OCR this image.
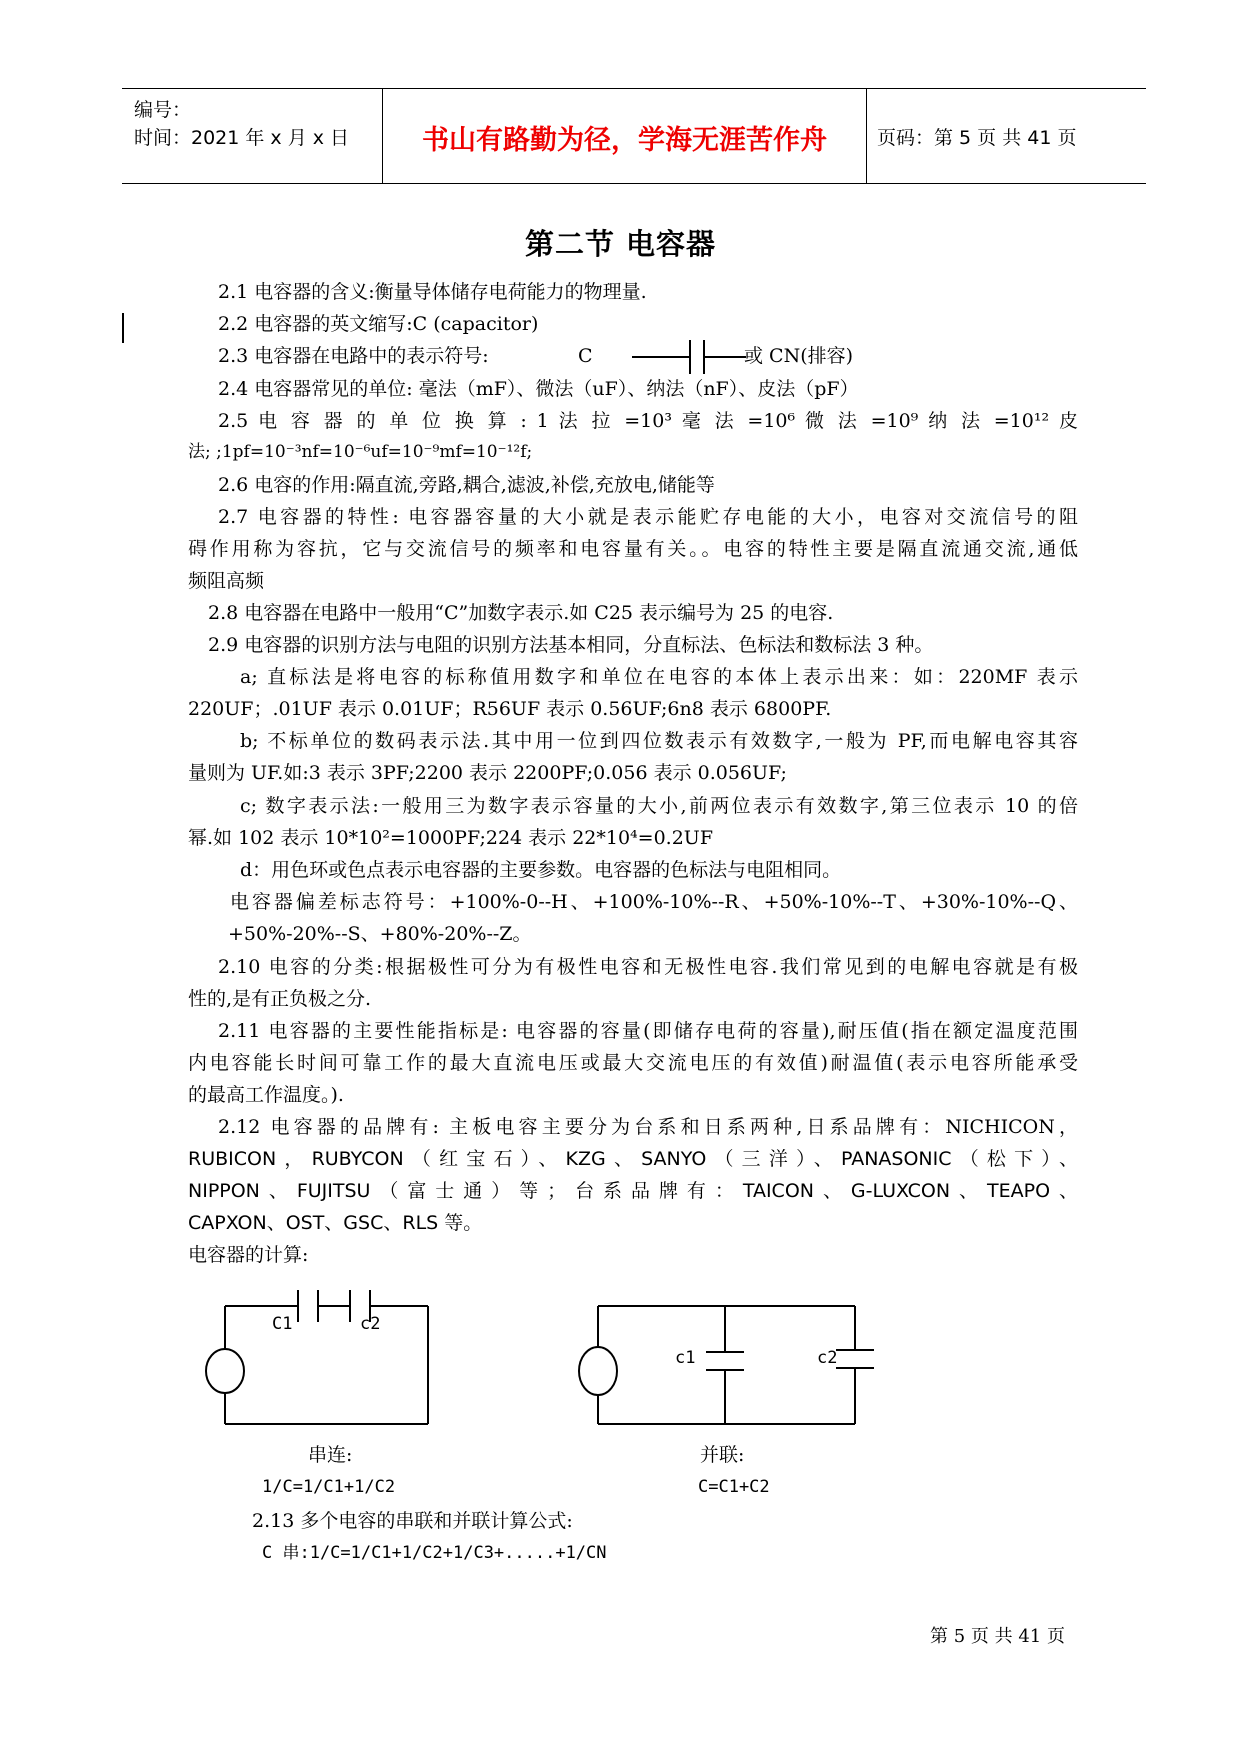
编号：
时间：2021 年 x 月 x 日	书山有路勤为径，学海无涯苦作舟	页码：第 5 页 共 41 页
第二节 电容器
2.1 电容器的含义:衡量导体储存电荷能力的物理量.
2.2 电容器的英文缩写:C (capacitor)
2.3 电容器在电路中的表示符号:	C	或 CN(排容)
2.4 电容器常见的单位: 毫法（mF）、微法（uF）、纳法（nF）、皮法（pF）
2.5 电 容 器 的 单 位 换 算 : 1 法 拉 =10³ 毫 法 =10⁶ 微 法 =10⁹ 纳 法 =10¹² 皮
法; ;1pf=10⁻³nf=10⁻⁶uf=10⁻⁹mf=10⁻¹²f;
2.6 电容的作用:隔直流,旁路,耦合,滤波,补偿,充放电,储能等
2.7 电容器的特性: 电容器容量的大小就是表示能贮存电能的大小，电容对交流信号的阻
碍作用称为容抗，它与交流信号的频率和电容量有关。。电容的特性主要是隔直流通交流,通低
频阻高频
2.8 电容器在电路中一般用“C”加数字表示.如 C25 表示编号为 25 的电容.
2.9 电容器的识别方法与电阻的识别方法基本相同，分直标法、色标法和数标法 3 种。
a; 直标法是将电容的标称值用数字和单位在电容的本体上表示出来：如：220MF 表示
220UF；.01UF 表示 0.01UF；R56UF 表示 0.56UF;6n8 表示 6800PF.
b; 不标单位的数码表示法.其中用一位到四位数表示有效数字,一般为 PF,而电解电容其容
量则为 UF.如:3 表示 3PF;2200 表示 2200PF;0.056 表示 0.056UF;
c; 数字表示法:一般用三为数字表示容量的大小,前两位表示有效数字,第三位表示 10 的倍
幂.如 102 表示 10*10²=1000PF;224 表示 22*10⁴=0.2UF
d：用色环或色点表示电容器的主要参数。电容器的色标法与电阻相同。
电容器偏差标志符号：+100%-0--H、+100%-10%--R、+50%-10%--T、+30%-10%--Q、
+50%-20%--S、+80%-20%--Z。
2.10 电容的分类:根据极性可分为有极性电容和无极性电容.我们常见到的电解电容就是有极
性的,是有正负极之分.
2.11 电容器的主要性能指标是: 电容器的容量(即储存电荷的容量),耐压值(指在额定温度范围
内电容能长时间可靠工作的最大直流电压或最大交流电压的有效值)耐温值(表示电容所能承受
的最高工作温度。).
2.12 电容器的品牌有: 主板电容主要分为台系和日系两种,日系品牌有：NICHICON，
RUBICON，RUBYCON（红宝石）、KZG、SANYO（三洋）、PANASONIC（松下）、
NIPPON、FUJITSU（富士通）等；台系品牌有：TAICON、G-LUXCON、TEAPO、
CAPXON、OST、GSC、RLS 等。
电容器的计算:
C1	c2
c1	c2
串连:
1/C=1/C1+1/C2
并联:
C=C1+C2
2.13 多个电容的串联和并联计算公式:
C 串:1/C=1/C1+1/C2+1/C3+.....+1/CN
第 5 页 共 41 页
